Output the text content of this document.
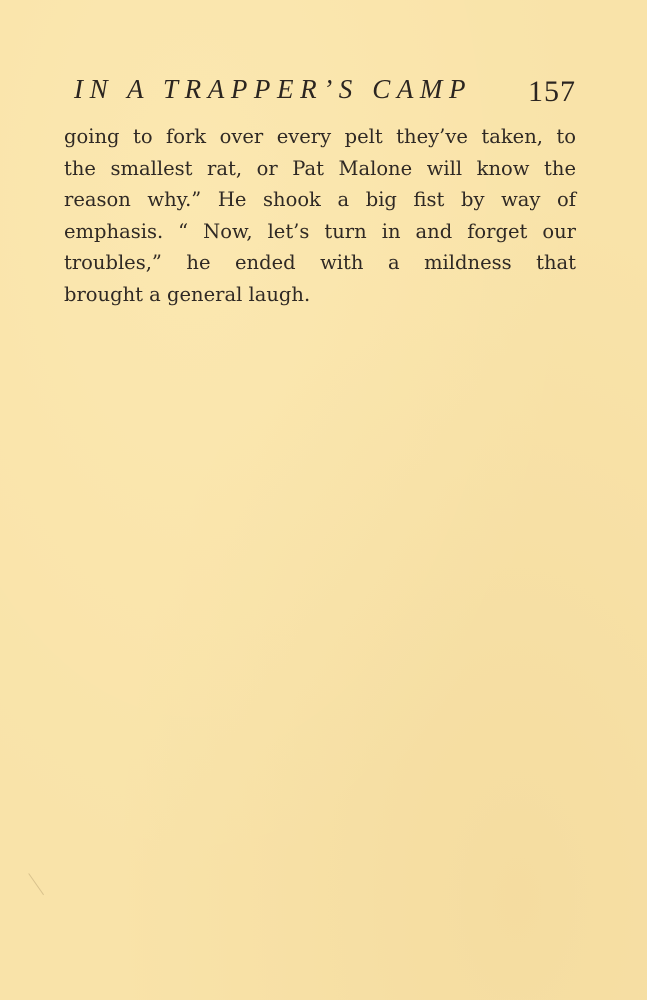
IN A TRAPPER’S CAMP 157
going to fork over every pelt they’ve taken, to
the smallest rat, or Pat Malone will know the
reason why.” He shook a big fist by way of
emphasis. “ Now, let’s turn in and forget our
troubles,” he ended with a mildness that
brought a general laugh.
